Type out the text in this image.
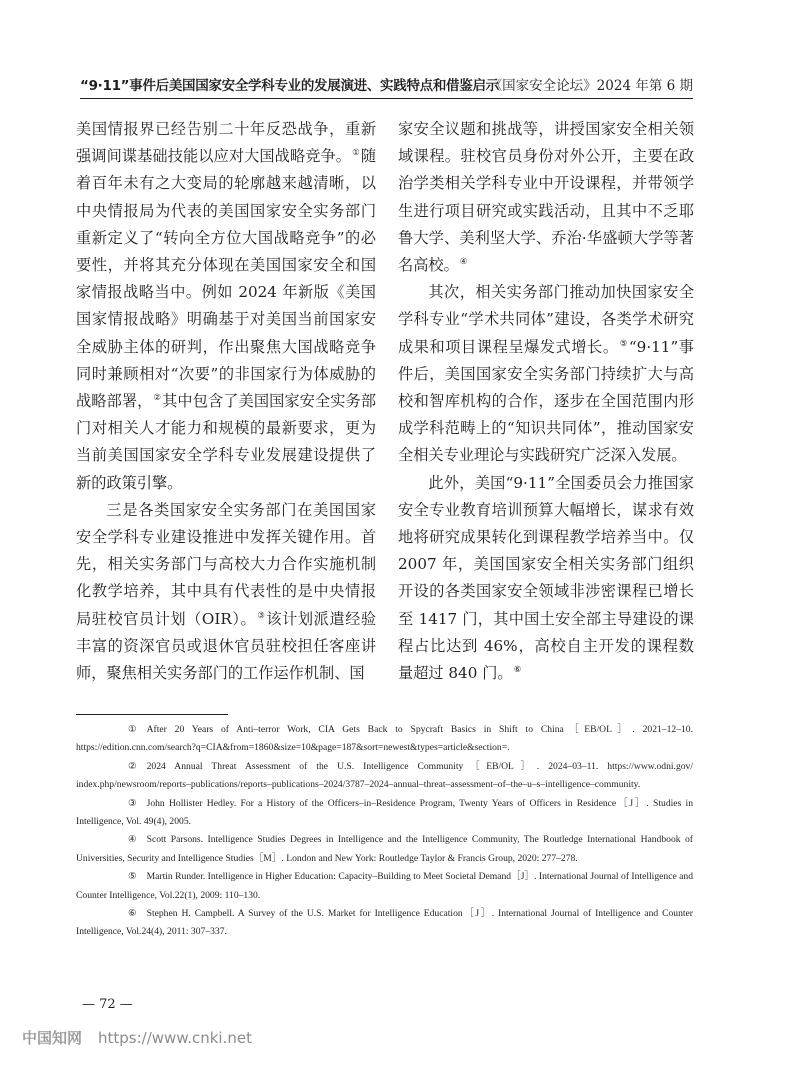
“9·11”事件后美国国家安全学科专业的发展演进、实践特点和借鉴启示
《国家安全论坛》2024 年第 6 期

美国情报界已经告别二十年反恐战争，重新强调间谍基础技能以应对大国战略竞争。①随着百年未有之大变局的轮廓越来越清晰，以中央情报局为代表的美国国家安全实务部门重新定义了“转向全方位大国战略竞争”的必要性，并将其充分体现在美国国家安全和国家情报战略当中。例如 2024 年新版《美国国家情报战略》明确基于对美国当前国家安全威胁主体的研判，作出聚焦大国战略竞争同时兼顾相对“次要”的非国家行为体威胁的战略部署，②其中包含了美国国家安全实务部门对相关人才能力和规模的最新要求，更为当前美国国家安全学科专业发展建设提供了新的政策引擎。

三是各类国家安全实务部门在美国国家安全学科专业建设推进中发挥关键作用。首先，相关实务部门与高校大力合作实施机制化教学培养，其中具有代表性的是中央情报局驻校官员计划（OIR）。③该计划派遣经验丰富的资深官员或退休官员驻校担任客座讲师，聚焦相关实务部门的工作运作机制、国

家安全议题和挑战等，讲授国家安全相关领域课程。驻校官员身份对外公开，主要在政治学类相关学科专业中开设课程，并带领学生进行项目研究或实践活动，且其中不乏耶鲁大学、美利坚大学、乔治·华盛顿大学等著名高校。④

其次，相关实务部门推动加快国家安全学科专业“学术共同体”建设，各类学术研究成果和项目课程呈爆发式增长。⑤“9·11”事件后，美国国家安全实务部门持续扩大与高校和智库机构的合作，逐步在全国范围内形成学科范畴上的“知识共同体”，推动国家安全相关专业理论与实践研究广泛深入发展。

此外，美国“9·11”全国委员会力推国家安全专业教育培训预算大幅增长，谋求有效地将研究成果转化到课程教学培养当中。仅 2007 年，美国国家安全相关实务部门组织开设的各类国家安全领域非涉密课程已增长至 1417 门，其中国土安全部主导建设的课程占比达到 46%，高校自主开发的课程数量超过 840 门。⑥

① After 20 Years of Anti–terror Work, CIA Gets Back to Spycraft Basics in Shift to China［EB/OL］. 2021–12–10. https://edition.cnn.com/search?q=CIA&from=1860&size=10&page=187&sort=newest&types=article&section=.

② 2024 Annual Threat Assessment of the U.S. Intelligence Community［EB/OL］. 2024–03–11. https://www.odni.gov/ index.php/newsroom/reports–publications/reports–publications–2024/3787–2024–annual–threat–assessment–of–the–u–s–intelligence–community.

③ John Hollister Hedley. For a History of the Officers–in–Residence Program, Twenty Years of Officers in Residence［J］. Studies in Intelligence, Vol. 49(4), 2005.

④ Scott Parsons. Intelligence Studies Degrees in Intelligence and the Intelligence Community, The Routledge International Handbook of Universities, Security and Intelligence Studies［M］. London and New York: Routledge Taylor & Francis Group, 2020: 277–278.

⑤ Martin Runder. Intelligence in Higher Education: Capacity–Building to Meet Societal Demand［J］. International Journal of Intelligence and Counter Intelligence, Vol.22(1), 2009: 110–130.

⑥ Stephen H. Campbell. A Survey of the U.S. Market for Intelligence Education［J］. International Journal of Intelligence and Counter Intelligence, Vol.24(4), 2011: 307–337.

— 72 —
中国知网 https://www.cnki.net
